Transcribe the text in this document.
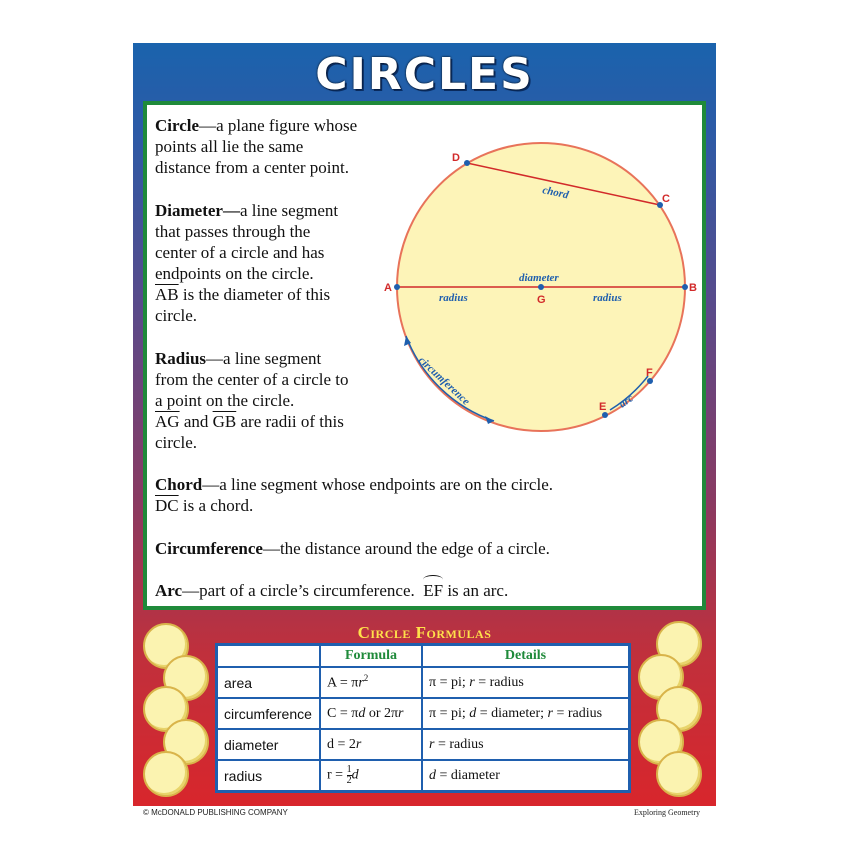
CIRCLES

Circle—a plane figure whose
points all lie the same
distance from a center point.

Diameter—a line segment
that passes through the
center of a circle and has
endpoints on the circle.
$\overline{AB}$ is the diameter of this
circle.

Radius—a line segment
from the center of a circle to
a point on the circle.
$\overline{AG}$ and $\overline{GB}$ are radii of this
circle.

Chord—a line segment whose endpoints are on the circle.
$\overline{DC}$ is a chord.

Circumference—the distance around the edge of a circle.

Arc—part of a circle’s circumference. EF is an arc.

A	B
G
D
C
E
F
chord
diameter
radius	radius
circumference	arc
Circle Formulas
	Formula	Details
area	$A = \pi r^2$	π = pi; r = radius
circumference	C = πd or 2πr	π = pi; d = diameter; r = radius
diameter	d = 2r	r = radius
radius	$r = \frac{1}{2}$ d	d = diameter
© McDONALD PUBLISHING COMPANY	Exploring Geometry
